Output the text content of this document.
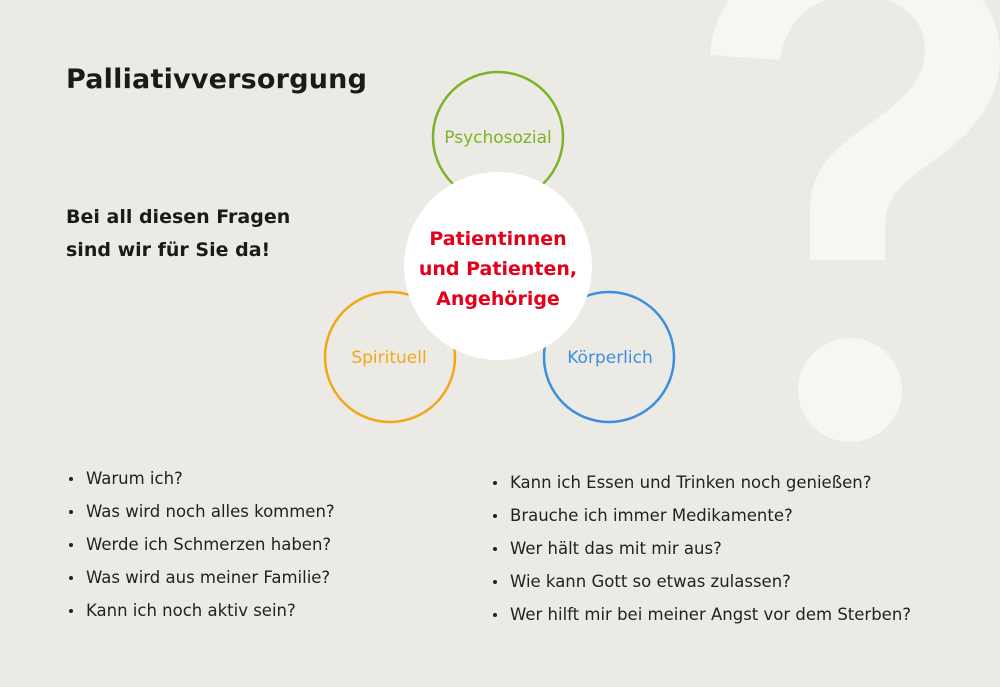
Palliativversorgung

Bei all diesen Fragen
sind wir für Sie da!

Psychosozial
Spirituell	Körperlich
Patientinnen
und Patienten,
Angehörige
Warum ich?
Was wird noch alles kommen?
Werde ich Schmerzen haben?
Was wird aus meiner Familie?
Kann ich noch aktiv sein?
Kann ich Essen und Trinken noch genießen?
Brauche ich immer Medikamente?
Wer hält das mit mir aus?
Wie kann Gott so etwas zulassen?
Wer hilft mir bei meiner Angst vor dem Sterben?
